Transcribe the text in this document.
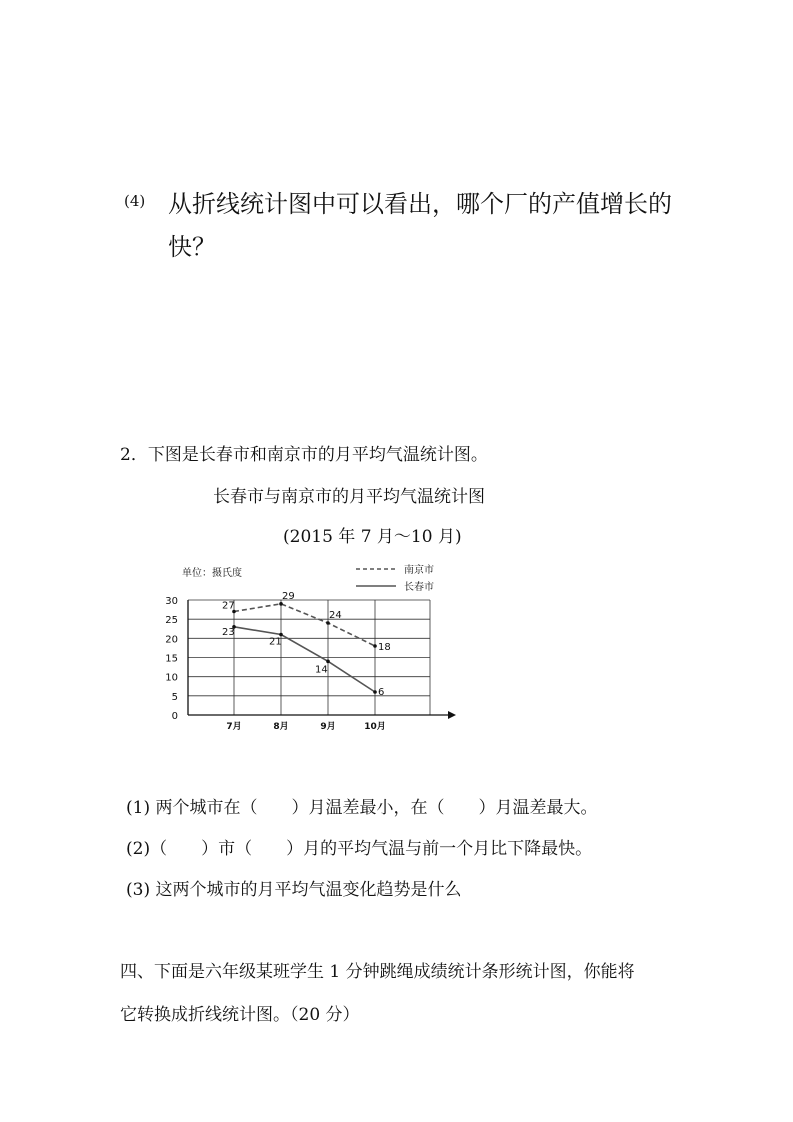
(4) 从折线统计图中可以看出，哪个厂的产值增长的
快？
2．下图是长春市和南京市的月平均气温统计图。
长春市与南京市的月平均气温统计图
(2015 年 7 月～10 月)
0
5
10
15
20
25
30
7月	8月	9月	10月
单位：摄氏度
27
29
24
18
23
21
14
6
南京市
长春市
(1) 两个城市在（　　）月温差最小，在（　　）月温差最大。
(2)（　　）市（　　）月的平均气温与前一个月比下降最快。
(3) 这两个城市的月平均气温变化趋势是什么
四、下面是六年级某班学生 1 分钟跳绳成绩统计条形统计图，你能将
它转换成折线统计图。（20 分）
